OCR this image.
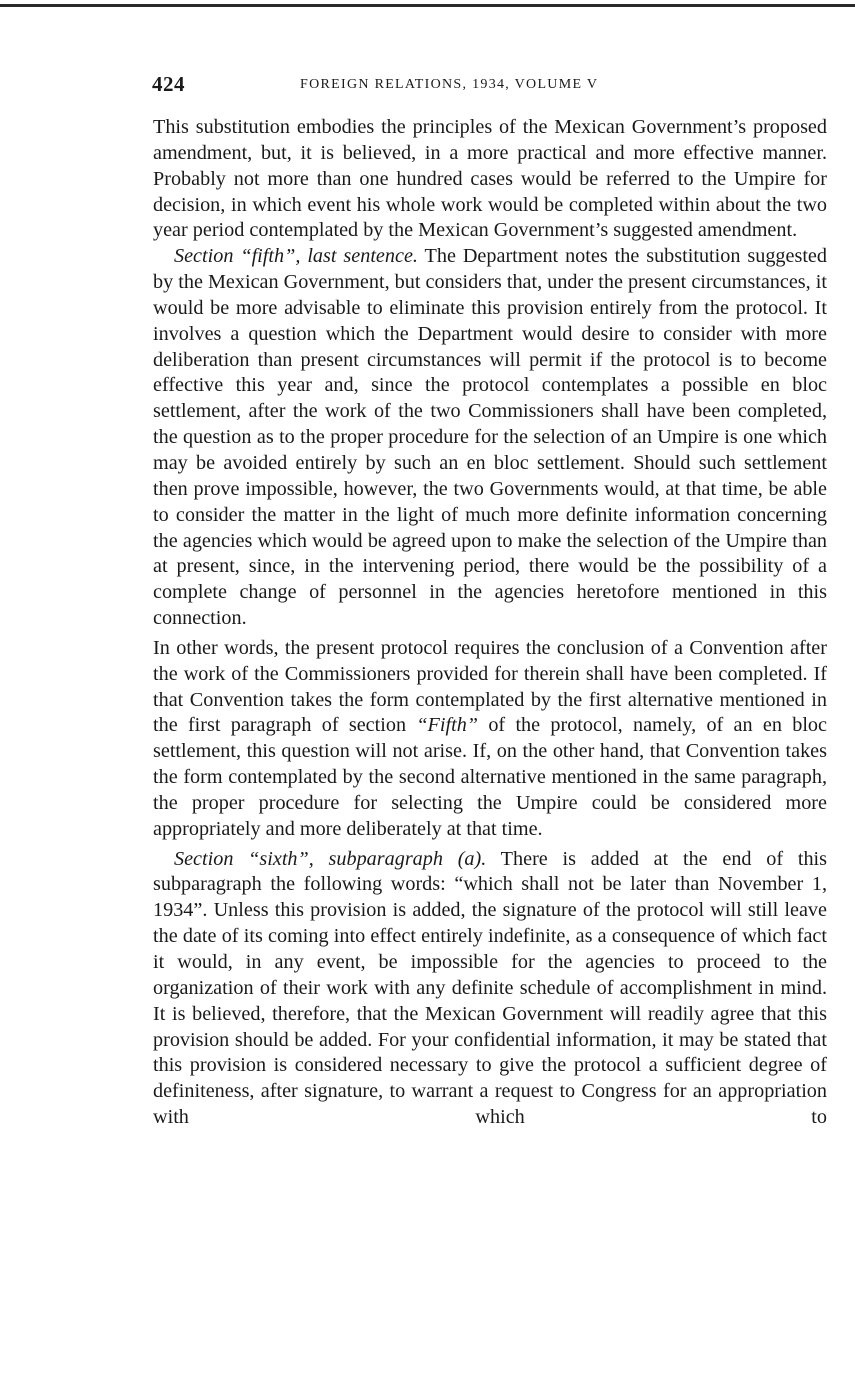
424	FOREIGN RELATIONS, 1934, VOLUME V

This substitution embodies the principles of the Mexican Government’s proposed amendment, but, it is believed, in a more practical and more effective manner. Probably not more than one hundred cases would be referred to the Umpire for decision, in which event his whole work would be completed within about the two year period contemplated by the Mexican Government’s suggested amendment.

Section “fifth”, last sentence. The Department notes the substitution suggested by the Mexican Government, but considers that, under the present circumstances, it would be more advisable to eliminate this provision entirely from the protocol. It involves a question which the Department would desire to consider with more deliberation than present circumstances will permit if the protocol is to become effective this year and, since the protocol contemplates a possible en bloc settlement, after the work of the two Commissioners shall have been completed, the question as to the proper procedure for the selection of an Umpire is one which may be avoided entirely by such an en bloc settlement. Should such settlement then prove impossible, however, the two Governments would, at that time, be able to consider the matter in the light of much more definite information concerning the agencies which would be agreed upon to make the selection of the Umpire than at present, since, in the intervening period, there would be the possibility of a complete change of personnel in the agencies heretofore mentioned in this connection.

In other words, the present protocol requires the conclusion of a Convention after the work of the Commissioners provided for therein shall have been completed. If that Convention takes the form contemplated by the first alternative mentioned in the first paragraph of section “Fifth” of the protocol, namely, of an en bloc settlement, this question will not arise. If, on the other hand, that Convention takes the form contemplated by the second alternative mentioned in the same paragraph, the proper procedure for selecting the Umpire could be considered more appropriately and more deliberately at that time.

Section “sixth”, subparagraph (a). There is added at the end of this subparagraph the following words: “which shall not be later than November 1, 1934”. Unless this provision is added, the signature of the protocol will still leave the date of its coming into effect entirely indefinite, as a consequence of which fact it would, in any event, be impossible for the agencies to proceed to the organization of their work with any definite schedule of accomplishment in mind. It is believed, therefore, that the Mexican Government will readily agree that this provision should be added. For your confidential information, it may be stated that this provision is considered necessary to give the protocol a sufficient degree of definiteness, after signature, to warrant a request to Congress for an appropriation with which to
